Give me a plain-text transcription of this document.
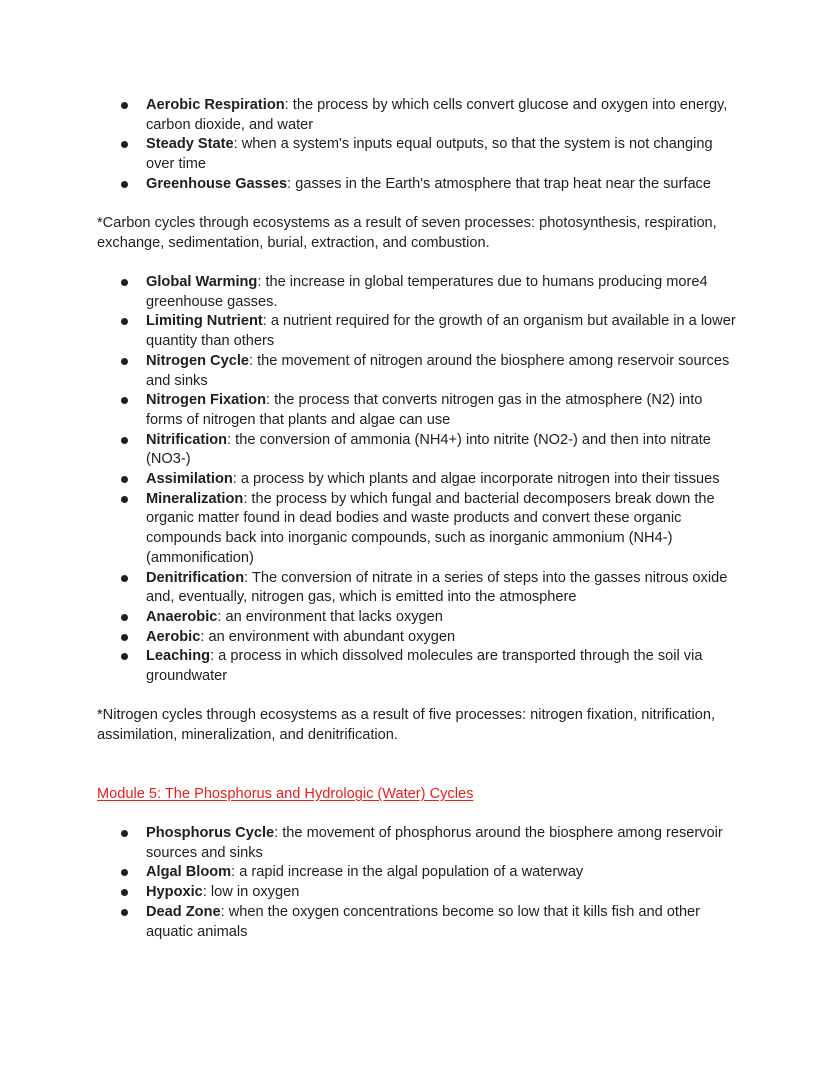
Aerobic Respiration: the process by which cells convert glucose and oxygen into energy, carbon dioxide, and water
Steady State: when a system's inputs equal outputs, so that the system is not changing over time
Greenhouse Gasses: gasses in the Earth's atmosphere that trap heat near the surface

*Carbon cycles through ecosystems as a result of seven processes: photosynthesis, respiration, exchange, sedimentation, burial, extraction, and combustion.

Global Warming: the increase in global temperatures due to humans producing more4 greenhouse gasses.
Limiting Nutrient: a nutrient required for the growth of an organism but available in a lower quantity than others
Nitrogen Cycle: the movement of nitrogen around the biosphere among reservoir sources and sinks
Nitrogen Fixation: the process that converts nitrogen gas in the atmosphere (N2) into forms of nitrogen that plants and algae can use
Nitrification: the conversion of ammonia (NH4+) into nitrite (NO2-) and then into nitrate (NO3-)
Assimilation: a process by which plants and algae incorporate nitrogen into their tissues
Mineralization: the process by which fungal and bacterial decomposers break down the organic matter found in dead bodies and waste products and convert these organic compounds back into inorganic compounds, such as inorganic ammonium (NH4-) (ammonification)
Denitrification: The conversion of nitrate in a series of steps into the gasses nitrous oxide and, eventually, nitrogen gas, which is emitted into the atmosphere
Anaerobic: an environment that lacks oxygen
Aerobic: an environment with abundant oxygen
Leaching: a process in which dissolved molecules are transported through the soil via groundwater

*Nitrogen cycles through ecosystems as a result of five processes: nitrogen fixation, nitrification, assimilation, mineralization, and denitrification.

Module 5: The Phosphorus and Hydrologic (Water) Cycles

Phosphorus Cycle: the movement of phosphorus around the biosphere among reservoir sources and sinks
Algal Bloom: a rapid increase in the algal population of a waterway
Hypoxic: low in oxygen
Dead Zone: when the oxygen concentrations become so low that it kills fish and other aquatic animals
